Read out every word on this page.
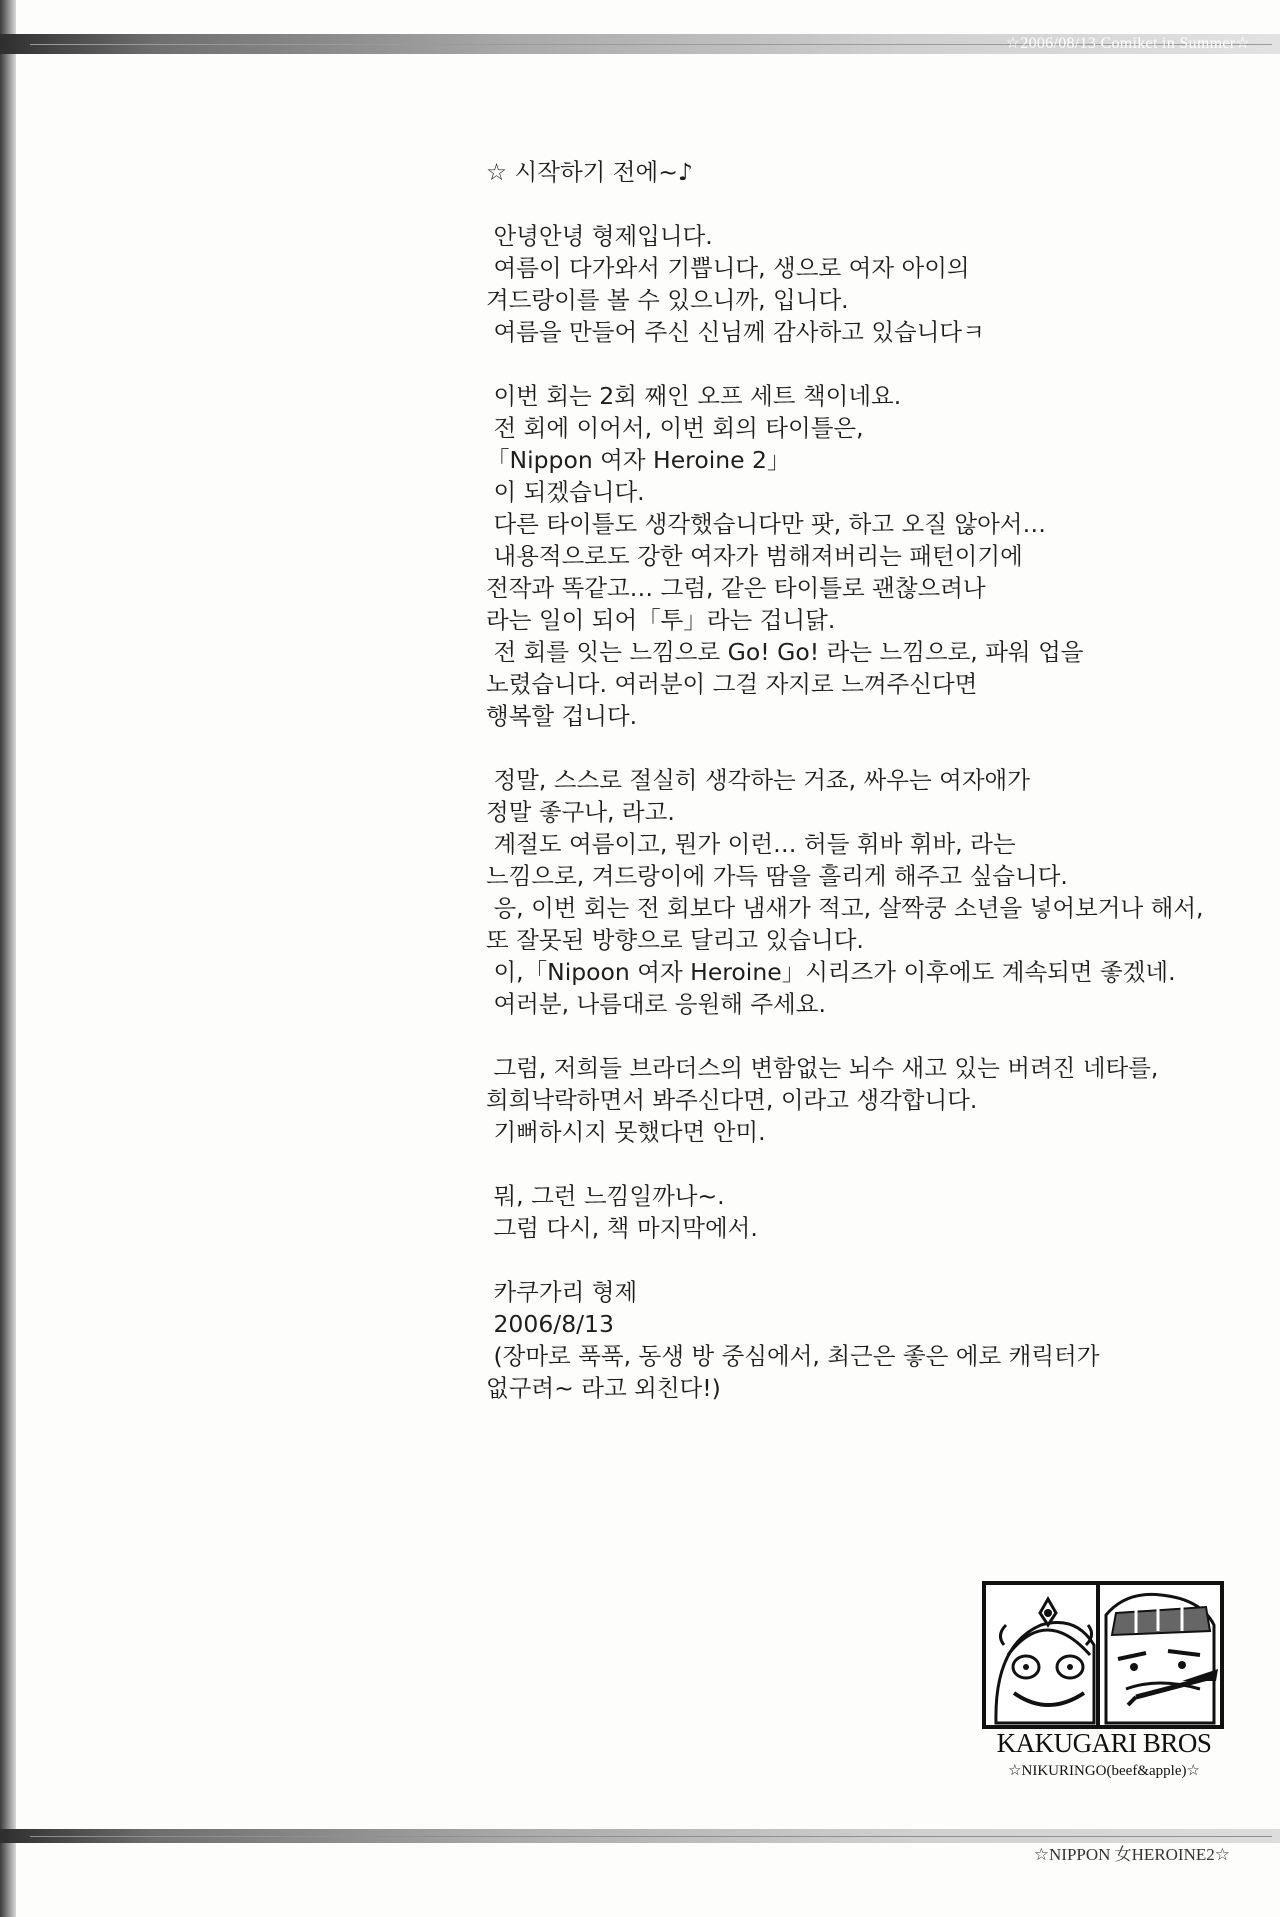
☆2006/08/13 Comiket in Summer☆
☆ 시작하기 전에~♪
안녕안녕 형제입니다.
여름이 다가와서 기쁩니다, 생으로 여자 아이의
겨드랑이를 볼 수 있으니까, 입니다.
여름을 만들어 주신 신님께 감사하고 있습니다ㅋ
이번 회는 2회 째인 오프 세트 책이네요.
전 회에 이어서, 이번 회의 타이틀은,
「Nippon 여자 Heroine 2」
이 되겠습니다.
다른 타이틀도 생각했습니다만 팟, 하고 오질 않아서…
내용적으로도 강한 여자가 범해져버리는 패턴이기에
전작과 똑같고… 그럼, 같은 타이틀로 괜찮으려나
라는 일이 되어「투」라는 겁니닭.
전 회를 잇는 느낌으로 Go! Go! 라는 느낌으로, 파워 업을
노렸습니다. 여러분이 그걸 자지로 느껴주신다면
행복할 겁니다.
정말, 스스로 절실히 생각하는 거죠, 싸우는 여자애가
정말 좋구나, 라고.
계절도 여름이고, 뭔가 이런… 허들 휘바 휘바, 라는
느낌으로, 겨드랑이에 가득 땀을 흘리게 해주고 싶습니다.
응, 이번 회는 전 회보다 냄새가 적고, 살짝쿵 소년을 넣어보거나 해서,
또 잘못된 방향으로 달리고 있습니다.
이,「Nipoon 여자 Heroine」시리즈가 이후에도 계속되면 좋겠네.
여러분, 나름대로 응원해 주세요.
그럼, 저희들 브라더스의 변함없는 뇌수 새고 있는 버려진 네타를,
희희낙락하면서 봐주신다면, 이라고 생각합니다.
기뻐하시지 못했다면 안미.
뭐, 그런 느낌일까나~.
그럼 다시, 책 마지막에서.
카쿠가리 형제
2006/8/13
(장마로 푹푹, 동생 방 중심에서, 최근은 좋은 에로 캐릭터가
없구려~ 라고 외친다!)
KAKUGARI BROS
☆NIKURINGO(beef&apple)☆
☆NIPPON 女HEROINE2☆
